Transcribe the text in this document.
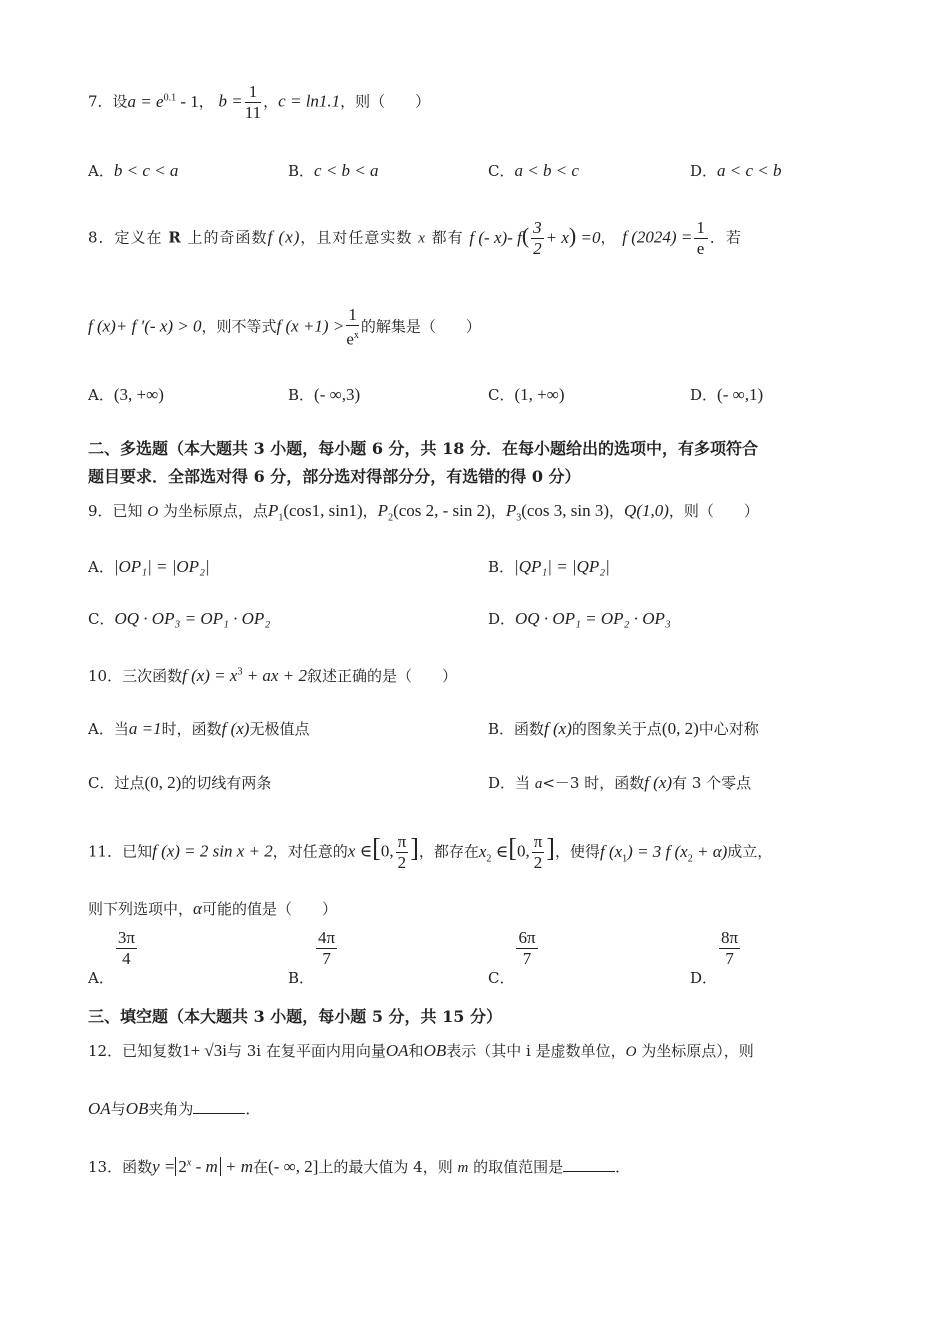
7．设$a = e^{0.1} - 1$， $b = \frac{1}{11}$ ，c = ln1.1，则（　　）
A．b < c < a	B．c < b < a	C．a < b < c	D．a < c < b
8．定义在 R 上的奇函数f (x)，且对任意实数 x 都有 f (- x)- $f( \frac{3}{2} + x) =0$， f $(2024) = \frac{1}{e}$ ．若
f (x)+ f ′(- x) > 0，则不等式f $(x +1) > \frac{1}{e^x}$ 的解集是（　　）
A．(3, +∞)	B．(- ∞,3)	C．(1, +∞)	D．(- ∞,1)
二、多选题（本大题共 3 小题，每小题 6 分，共 18 分．在每小题给出的选项中，有多项符合
题目要求．全部选对得 6 分，部分选对得部分分，有选错的得 0 分）
9．已知 O 为坐标原点，点$P_1(\cos 1$, sin1)，$P_2(\cos$ 2, - sin 2)，$P_3(\cos$ 3, sin 3)，Q(1,0)，则（　　）
A．|OP₁| = |OP₂|	B．|QP₁| = |QP₂|
C．OQ · OP₃ = OP₁ · OP₂	D．OQ · OP₁ = OP₂ · OP₃
10．三次函数f $(x) = x^3$ + ax + 2叙述正确的是（　　）
A．当a =1时，函数f (x)无极值点	B．函数f (x)的图象关于点(0, 2)中心对称
C．过点(0, 2)的切线有两条	D．当 a<－3 时，函数f (x)有 3 个零点
11．已知f (x) = 2 sin x + 2，对任意的x ∈[0, $\frac{\pi}{2}$ ]，都存在$x_2$ ∈[0, $\frac{\pi}{2}$ ]，使得f $(x_1) = 3$ f $(x_2 + \alpha)$成立，
则下列选项中，α可能的值是（　　）
A．
$\frac{3\pi}{4}$
B．
$\frac{4\pi}{7}$
C．
$\frac{6\pi}{7}$
D．
$\frac{8\pi}{7}$
三、填空题（本大题共 3 小题，每小题 5 分，共 15 分）
12．已知复数1+ √3i与 3i 在复平面内用向量OA和OB表示（其中 i 是虚数单位，O 为坐标原点），则
OA与OB夹角为	．
13．函数$y = 2^x - m + m$在(- ∞, 2]上的最大值为 4，则 m 的取值范围是	．
